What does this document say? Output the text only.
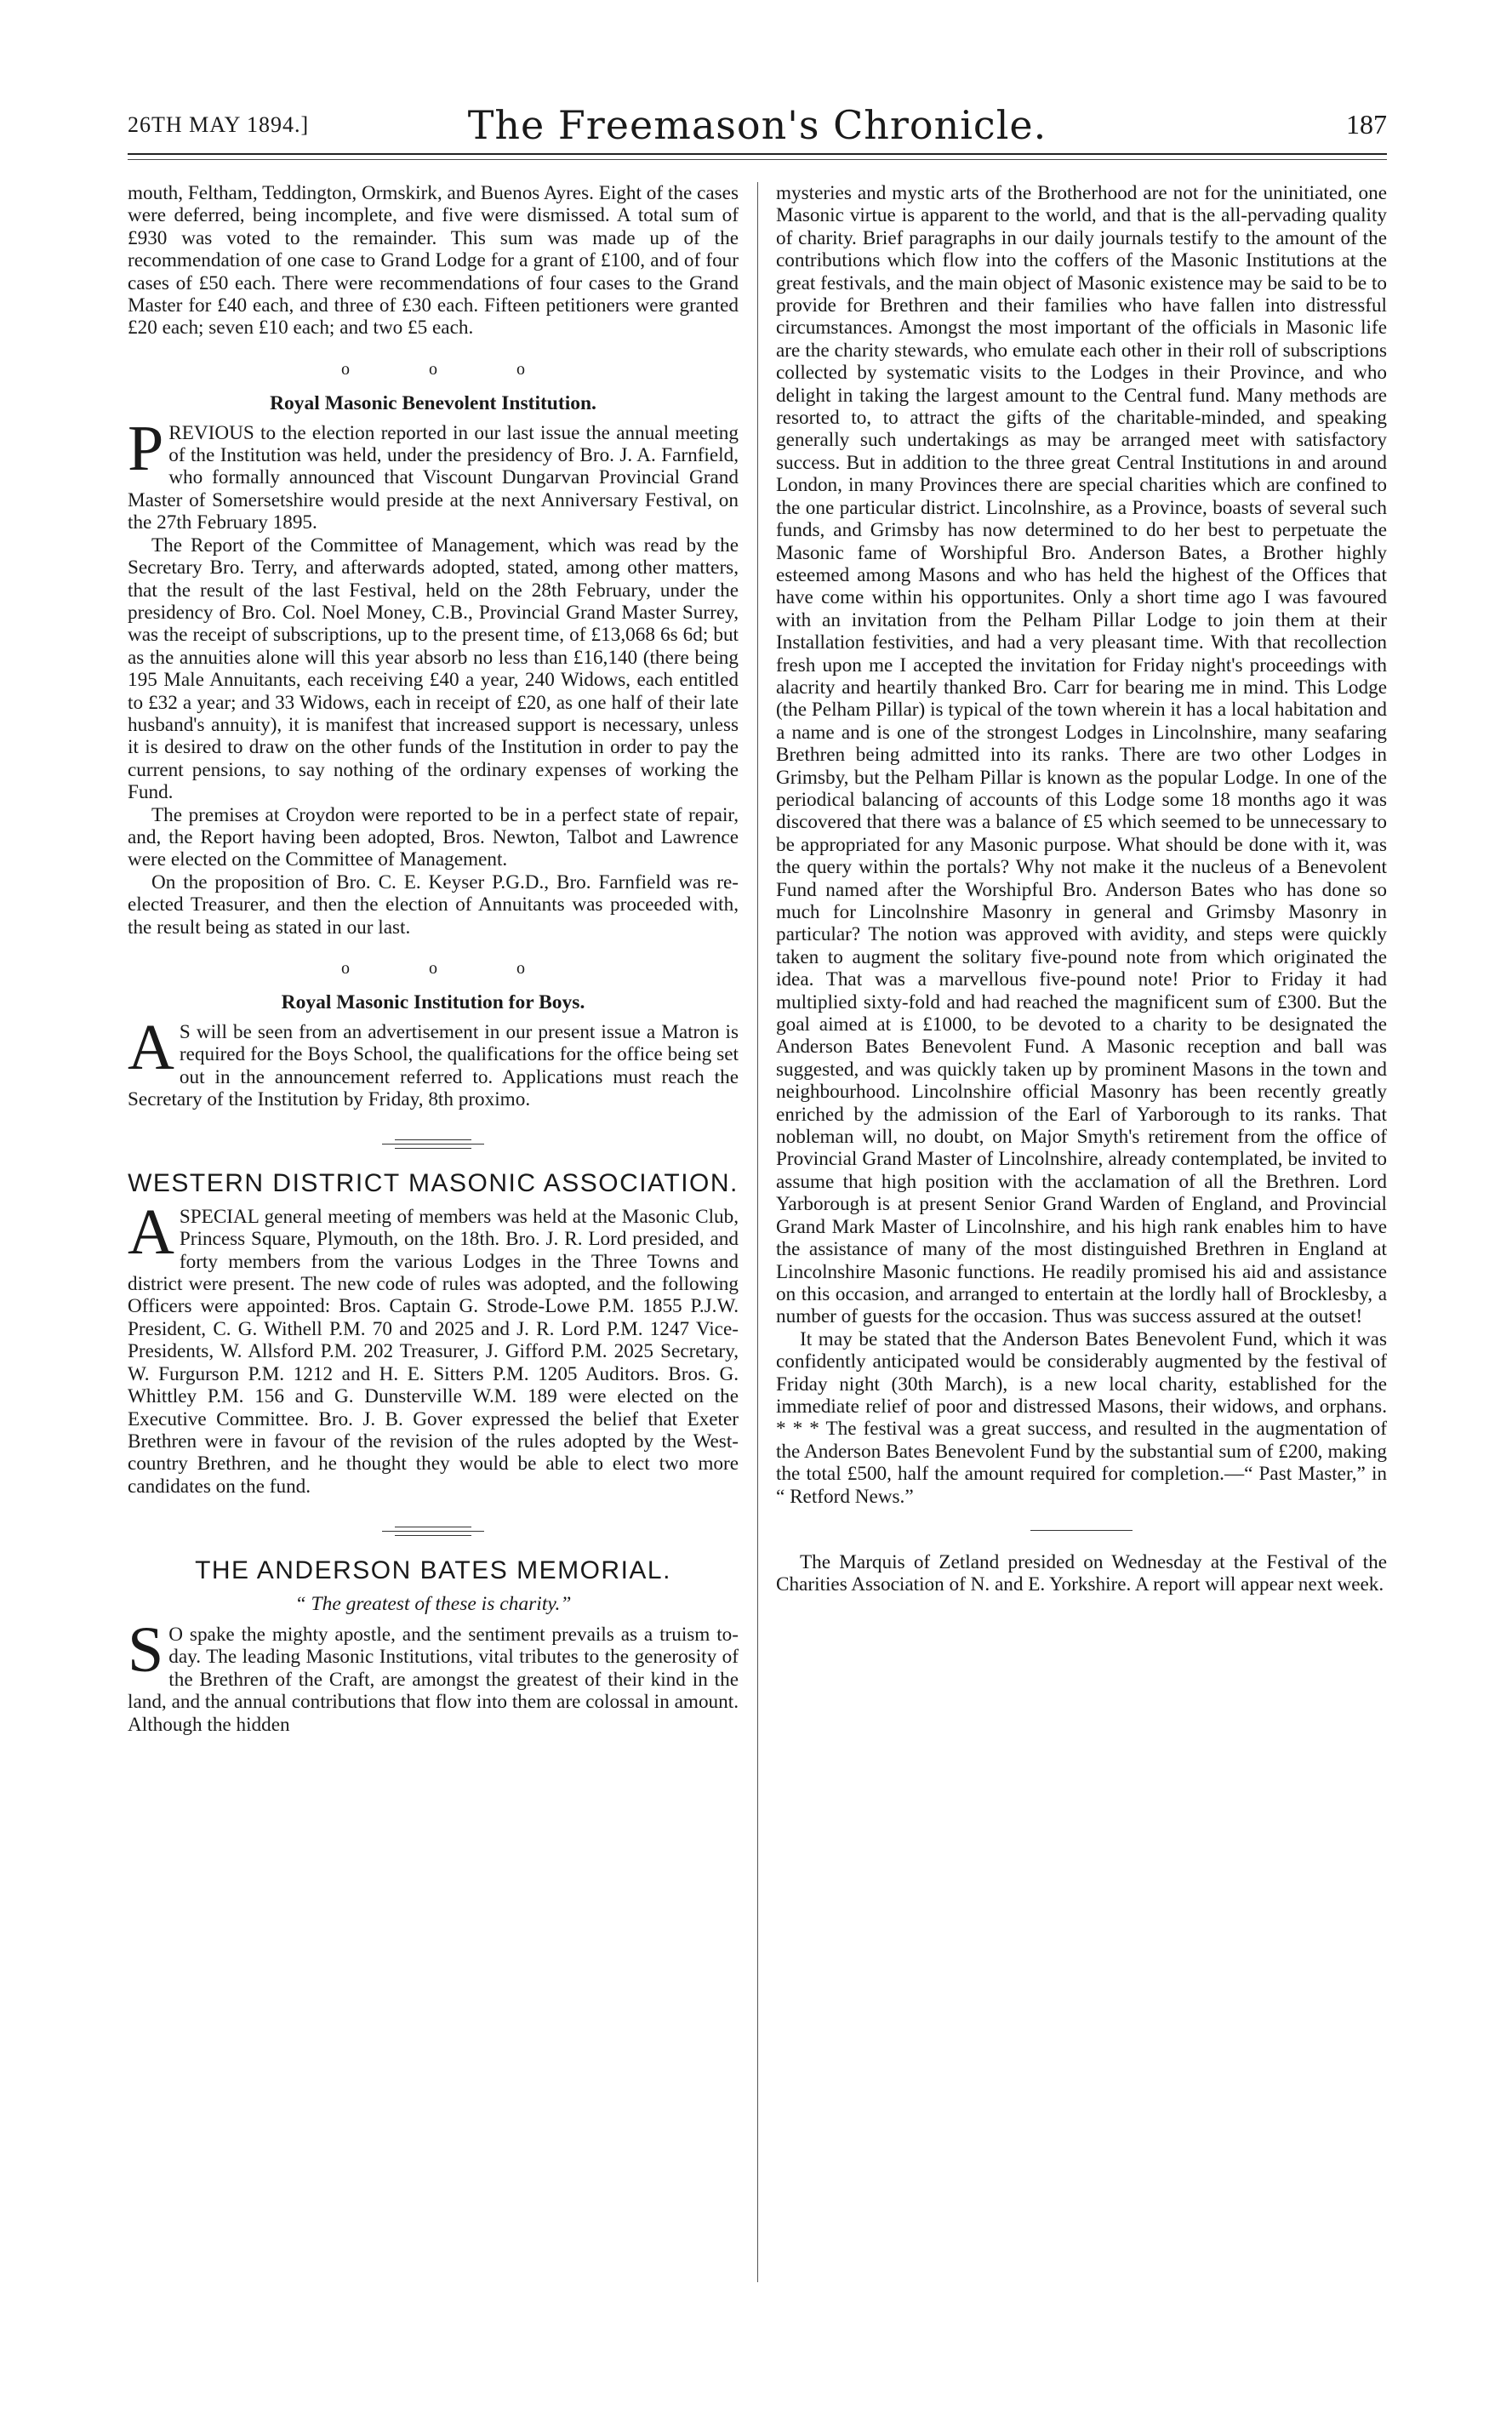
26TH MAY 1894.]	The Freemason's Chronicle.	187

mouth, Feltham, Teddington, Ormskirk, and Buenos Ayres. Eight of the cases were deferred, being incomplete, and five were dismissed. A total sum of £930 was voted to the remainder. This sum was made up of the recommendation of one case to Grand Lodge for a grant of £100, and of four cases of £50 each. There were recommendations of four cases to the Grand Master for £40 each, and three of £30 each. Fifteen petitioners were granted £20 each; seven £10 each; and two £5 each.

o o o
Royal Masonic Benevolent Institution.

PREVIOUS to the election reported in our last issue the annual meeting of the Institution was held, under the presidency of Bro. J. A. Farnfield, who formally announced that Viscount Dungarvan Provincial Grand Master of Somersetshire would preside at the next Anniversary Festival, on the 27th February 1895.

The Report of the Committee of Management, which was read by the Secretary Bro. Terry, and afterwards adopted, stated, among other matters, that the result of the last Festival, held on the 28th February, under the presidency of Bro. Col. Noel Money, C.B., Provincial Grand Master Surrey, was the receipt of subscriptions, up to the present time, of £13,068 6s 6d; but as the annuities alone will this year absorb no less than £16,140 (there being 195 Male Annuitants, each receiving £40 a year, 240 Widows, each entitled to £32 a year; and 33 Widows, each in receipt of £20, as one half of their late husband's annuity), it is manifest that increased support is necessary, unless it is desired to draw on the other funds of the Institution in order to pay the current pensions, to say nothing of the ordinary expenses of working the Fund.

The premises at Croydon were reported to be in a perfect state of repair, and, the Report having been adopted, Bros. Newton, Talbot and Lawrence were elected on the Committee of Management.

On the proposition of Bro. C. E. Keyser P.G.D., Bro. Farnfield was re-elected Treasurer, and then the election of Annuitants was proceeded with, the result being as stated in our last.

o o o
Royal Masonic Institution for Boys.

A S will be seen from an advertisement in our present issue a Matron is required for the Boys School, the qualifications for the office being set out in the announcement referred to. Applications must reach the Secretary of the Institution by Friday, 8th proximo.

WESTERN DISTRICT MASONIC ASSOCIATION.

ASPECIAL general meeting of members was held at the Masonic Club, Princess Square, Plymouth, on the 18th. Bro. J. R. Lord presided, and forty members from the various Lodges in the Three Towns and district were present. The new code of rules was adopted, and the following Officers were appointed: Bros. Captain G. Strode-Lowe P.M. 1855 P.J.W. President, C. G. Withell P.M. 70 and 2025 and J. R. Lord P.M. 1247 Vice-Presidents, W. Allsford P.M. 202 Treasurer, J. Gifford P.M. 2025 Secretary, W. Furgurson P.M. 1212 and H. E. Sitters P.M. 1205 Auditors. Bros. G. Whittley P.M. 156 and G. Dunsterville W.M. 189 were elected on the Executive Committee. Bro. J. B. Gover expressed the belief that Exeter Brethren were in favour of the revision of the rules adopted by the West-country Brethren, and he thought they would be able to elect two more candidates on the fund.

THE ANDERSON BATES MEMORIAL.
“ The greatest of these is charity.”

S O spake the mighty apostle, and the sentiment prevails as a truism to-day. The leading Masonic Institutions, vital tributes to the generosity of the Brethren of the Craft, are amongst the greatest of their kind in the land, and the annual contributions that flow into them are colossal in amount. Although the hidden

mysteries and mystic arts of the Brotherhood are not for the uninitiated, one Masonic virtue is apparent to the world, and that is the all-pervading quality of charity. Brief paragraphs in our daily journals testify to the amount of the contributions which flow into the coffers of the Masonic Institutions at the great festivals, and the main object of Masonic existence may be said to be to provide for Brethren and their families who have fallen into distressful circumstances. Amongst the most important of the officials in Masonic life are the charity stewards, who emulate each other in their roll of subscriptions collected by systematic visits to the Lodges in their Province, and who delight in taking the largest amount to the Central fund. Many methods are resorted to, to attract the gifts of the charitable-minded, and speaking generally such undertakings as may be arranged meet with satisfactory success. But in addition to the three great Central Institutions in and around London, in many Provinces there are special charities which are confined to the one particular district. Lincolnshire, as a Province, boasts of several such funds, and Grimsby has now determined to do her best to perpetuate the Masonic fame of Worshipful Bro. Anderson Bates, a Brother highly esteemed among Masons and who has held the highest of the Offices that have come within his opportunites. Only a short time ago I was favoured with an invitation from the Pelham Pillar Lodge to join them at their Installation festivities, and had a very pleasant time. With that recollection fresh upon me I accepted the invitation for Friday night's proceedings with alacrity and heartily thanked Bro. Carr for bearing me in mind. This Lodge (the Pelham Pillar) is typical of the town wherein it has a local habitation and a name and is one of the strongest Lodges in Lincolnshire, many seafaring Brethren being admitted into its ranks. There are two other Lodges in Grimsby, but the Pelham Pillar is known as the popular Lodge. In one of the periodical balancing of accounts of this Lodge some 18 months ago it was discovered that there was a balance of £5 which seemed to be unnecessary to be appropriated for any Masonic purpose. What should be done with it, was the query within the portals? Why not make it the nucleus of a Benevolent Fund named after the Worshipful Bro. Anderson Bates who has done so much for Lincolnshire Masonry in general and Grimsby Masonry in particular? The notion was approved with avidity, and steps were quickly taken to augment the solitary five-pound note from which originated the idea. That was a marvellous five-pound note! Prior to Friday it had multiplied sixty-fold and had reached the magnificent sum of £300. But the goal aimed at is £1000, to be devoted to a charity to be designated the Anderson Bates Benevolent Fund. A Masonic reception and ball was suggested, and was quickly taken up by prominent Masons in the town and neighbourhood. Lincolnshire official Masonry has been recently greatly enriched by the admission of the Earl of Yarborough to its ranks. That nobleman will, no doubt, on Major Smyth's retirement from the office of Provincial Grand Master of Lincolnshire, already contemplated, be invited to assume that high position with the acclamation of all the Brethren. Lord Yarborough is at present Senior Grand Warden of England, and Provincial Grand Mark Master of Lincolnshire, and his high rank enables him to have the assistance of many of the most distinguished Brethren in England at Lincolnshire Masonic functions. He readily promised his aid and assistance on this occasion, and arranged to entertain at the lordly hall of Brocklesby, a number of guests for the occasion. Thus was success assured at the outset!

It may be stated that the Anderson Bates Benevolent Fund, which it was confidently anticipated would be considerably augmented by the festival of Friday night (30th March), is a new local charity, established for the immediate relief of poor and distressed Masons, their widows, and orphans. * * * The festival was a great success, and resulted in the augmentation of the Anderson Bates Benevolent Fund by the substantial sum of £200, making the total £500, half the amount required for completion.—“ Past Master,” in “ Retford News.”

The Marquis of Zetland presided on Wednesday at the Festival of the Charities Association of N. and E. Yorkshire. A report will appear next week.
